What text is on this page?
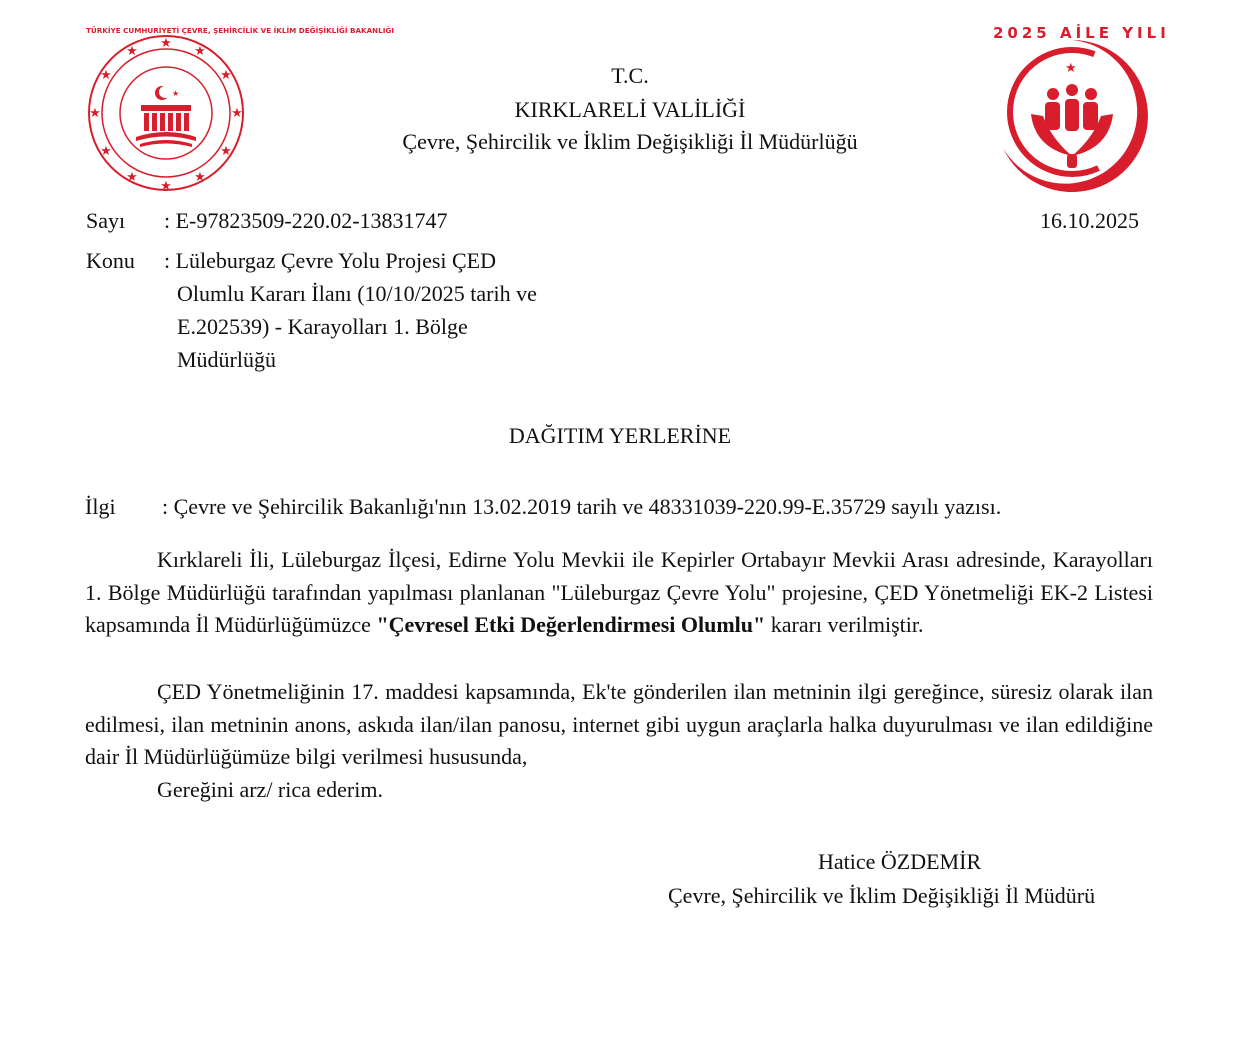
★
★
★
★
★
★
★
★
★
★
★
★
TÜRKİYE CUMHURİYETİ ÇEVRE, ŞEHİRCİLİK VE İKLİM DEĞİŞİKLİĞİ BAKANLIĞI
★
★
2025 AİLE YILI
T.C.
KIRKLARELİ VALİLİĞİ
Çevre, Şehircilik ve İklim Değişikliği İl Müdürlüğü
Sayı : E-97823509-220.02-13831747	16.10.2025
Konu : Lüleburgaz Çevre Yolu Projesi ÇED
Olumlu Kararı İlanı (10/10/2025 tarih ve
E.202539) - Karayolları 1. Bölge
Müdürlüğü
DAĞITIM YERLERİNE
İlgi : Çevre ve Şehircilik Bakanlığı'nın 13.02.2019 tarih ve 48331039-220.99-E.35729 sayılı yazısı.
Kırklareli İli, Lüleburgaz İlçesi, Edirne Yolu Mevkii ile Kepirler Ortabayır Mevkii Arası adresinde, Karayolları 1. Bölge Müdürlüğü tarafından yapılması planlanan "Lüleburgaz Çevre Yolu" projesine, ÇED Yönetmeliği EK-2 Listesi kapsamında İl Müdürlüğümüzce "Çevresel Etki Değerlendirmesi Olumlu" kararı verilmiştir.
ÇED Yönetmeliğinin 17. maddesi kapsamında, Ek'te gönderilen ilan metninin ilgi gereğince, süresiz olarak ilan edilmesi, ilan metninin anons, askıda ilan/ilan panosu, internet gibi uygun araçlarla halka duyurulması ve ilan edildiğine dair İl Müdürlüğümüze bilgi verilmesi hususunda,
Gereğini arz/ rica ederim.
Hatice ÖZDEMİR
Çevre, Şehircilik ve İklim Değişikliği İl Müdürü
